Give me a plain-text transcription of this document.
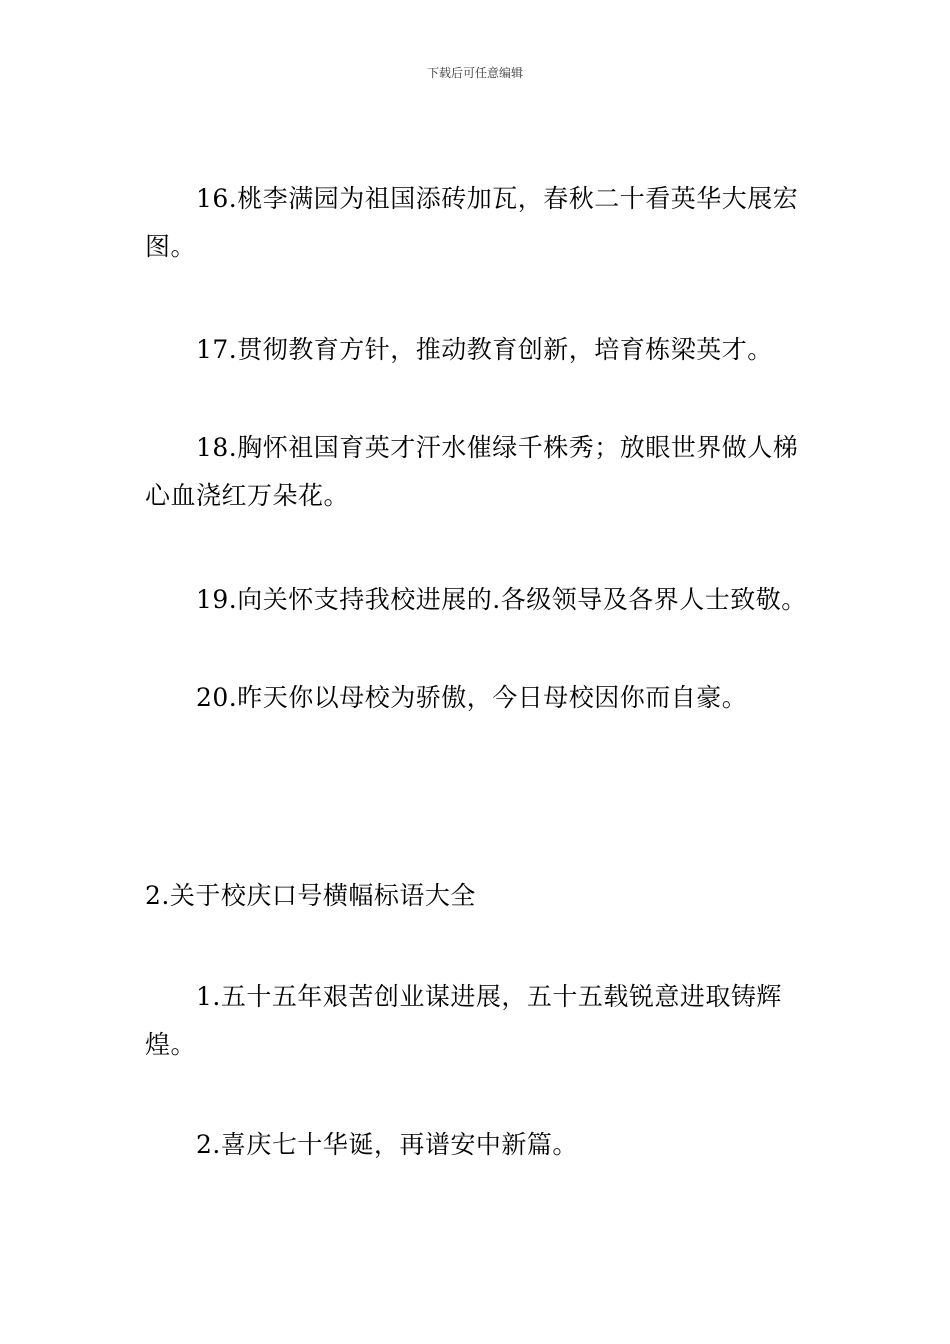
下载后可任意编辑

16.桃李满园为祖国添砖加瓦，春秋二十看英华大展宏图。

17.贯彻教育方针，推动教育创新，培育栋梁英才。

18.胸怀祖国育英才汗水催绿千株秀；放眼世界做人梯心血浇红万朵花。

19.向关怀支持我校进展的.各级领导及各界人士致敬。

20.昨天你以母校为骄傲，今日母校因你而自豪。

2.关于校庆口号横幅标语大全

1.五十五年艰苦创业谋进展，五十五载锐意进取铸辉煌。

2.喜庆七十华诞，再谱安中新篇。
